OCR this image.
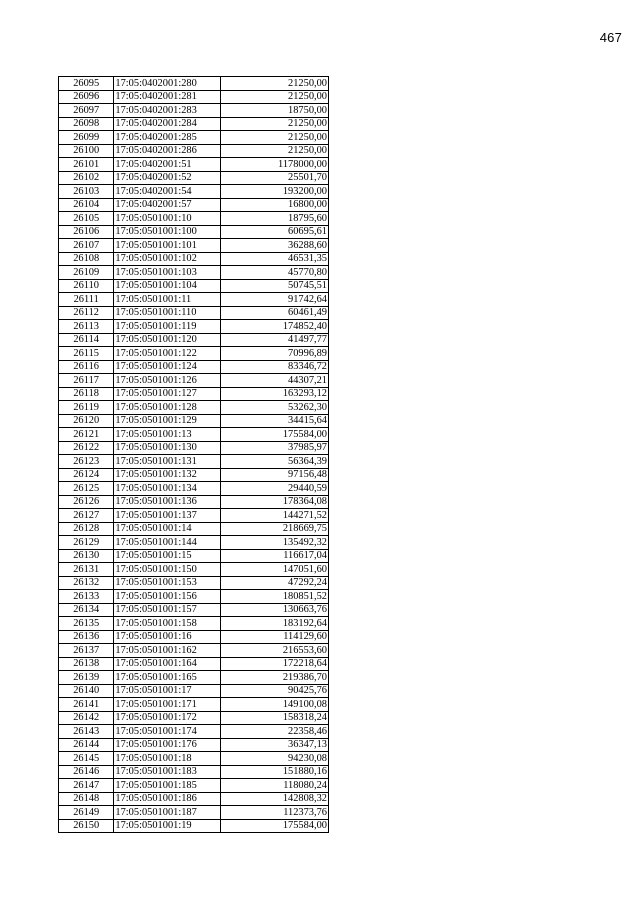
467
26095	17:05:0402001:280	21250,00
26096	17:05:0402001:281	21250,00
26097	17:05:0402001:283	18750,00
26098	17:05:0402001:284	21250,00
26099	17:05:0402001:285	21250,00
26100	17:05:0402001:286	21250,00
26101	17:05:0402001:51	1178000,00
26102	17:05:0402001:52	25501,70
26103	17:05:0402001:54	193200,00
26104	17:05:0402001:57	16800,00
26105	17:05:0501001:10	18795,60
26106	17:05:0501001:100	60695,61
26107	17:05:0501001:101	36288,60
26108	17:05:0501001:102	46531,35
26109	17:05:0501001:103	45770,80
26110	17:05:0501001:104	50745,51
26111	17:05:0501001:11	91742,64
26112	17:05:0501001:110	60461,49
26113	17:05:0501001:119	174852,40
26114	17:05:0501001:120	41497,77
26115	17:05:0501001:122	70996,89
26116	17:05:0501001:124	83346,72
26117	17:05:0501001:126	44307,21
26118	17:05:0501001:127	163293,12
26119	17:05:0501001:128	53262,30
26120	17:05:0501001:129	34415,64
26121	17:05:0501001:13	175584,00
26122	17:05:0501001:130	37985,97
26123	17:05:0501001:131	56364,39
26124	17:05:0501001:132	97156,48
26125	17:05:0501001:134	29440,59
26126	17:05:0501001:136	178364,08
26127	17:05:0501001:137	144271,52
26128	17:05:0501001:14	218669,75
26129	17:05:0501001:144	135492,32
26130	17:05:0501001:15	116617,04
26131	17:05:0501001:150	147051,60
26132	17:05:0501001:153	47292,24
26133	17:05:0501001:156	180851,52
26134	17:05:0501001:157	130663,76
26135	17:05:0501001:158	183192,64
26136	17:05:0501001:16	114129,60
26137	17:05:0501001:162	216553,60
26138	17:05:0501001:164	172218,64
26139	17:05:0501001:165	219386,70
26140	17:05:0501001:17	90425,76
26141	17:05:0501001:171	149100,08
26142	17:05:0501001:172	158318,24
26143	17:05:0501001:174	22358,46
26144	17:05:0501001:176	36347,13
26145	17:05:0501001:18	94230,08
26146	17:05:0501001:183	151880,16
26147	17:05:0501001:185	118080,24
26148	17:05:0501001:186	142808,32
26149	17:05:0501001:187	112373,76
26150	17:05:0501001:19	175584,00
